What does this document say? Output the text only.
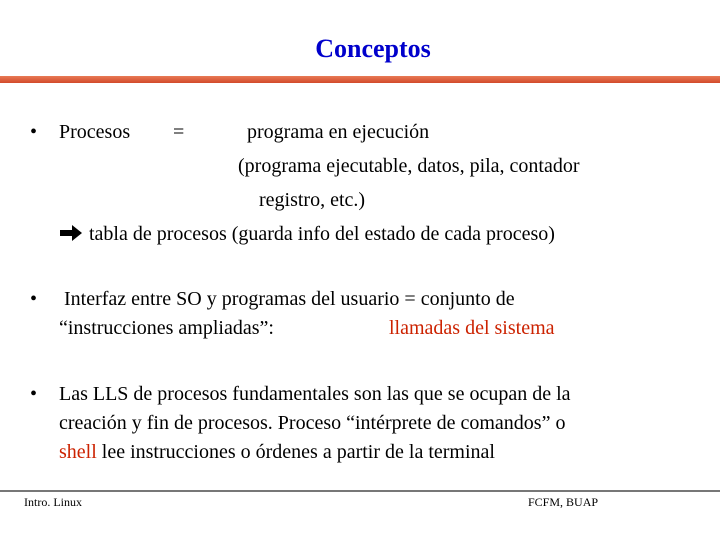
Conceptos
• Procesos =	programa en ejecución
(programa ejecutable, datos, pila, contador
registro, etc.)
tabla de procesos (guarda info del estado de cada proceso)
• Interfaz entre SO y programas del usuario = conjunto de
“instrucciones ampliadas”:	llamadas del sistema
• Las LLS de procesos fundamentales son las que se ocupan de la
creación y fin de procesos. Proceso “intérprete de comandos” o
shell lee instrucciones o órdenes a partir de la terminal
Intro. Linux	FCFM, BUAP
